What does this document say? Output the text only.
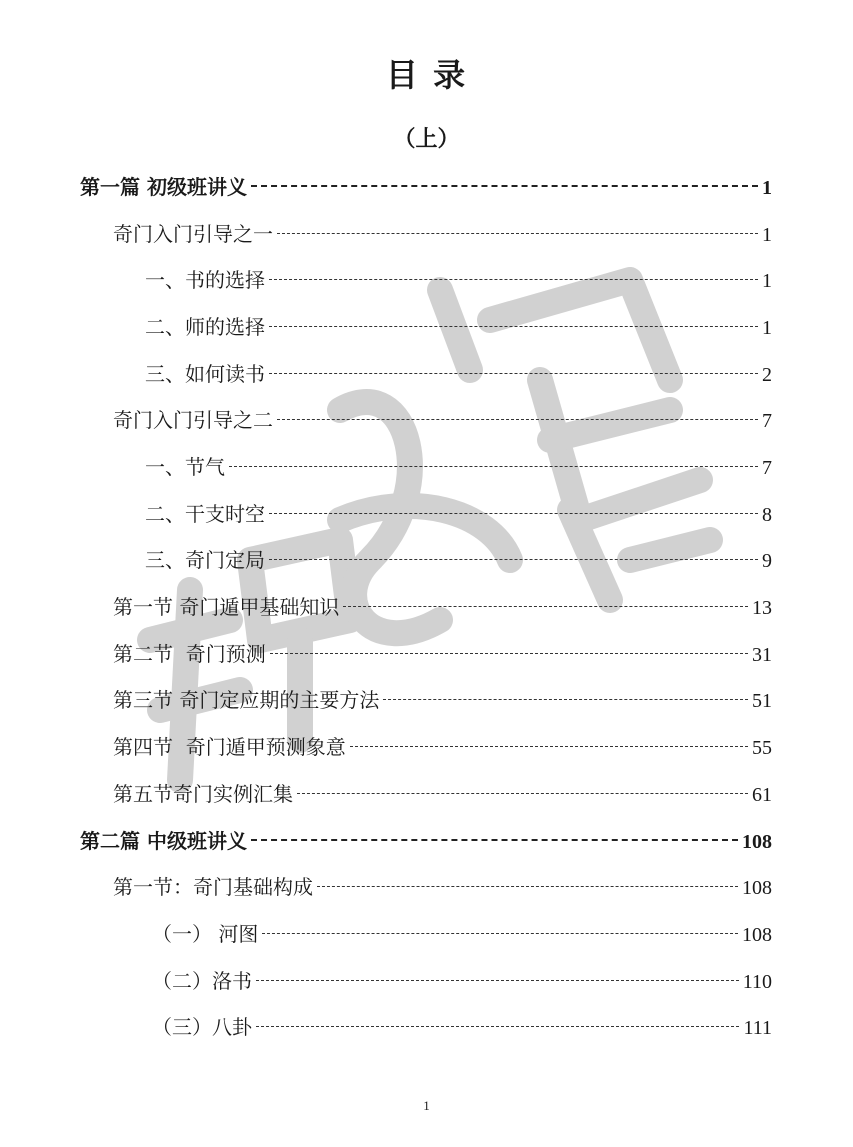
目 录
（上）
第一篇 初级班讲义	1
奇门入门引导之一	1
一、书的选择	1
二、师的选择	1
三、如何读书	2
奇门入门引导之二	7
一、节气	7
二、干支时空	8
三、奇门定局	9
第一节 奇门遁甲基础知识	13
第二节  奇门预测	31
第三节 奇门定应期的主要方法	51
第四节  奇门遁甲预测象意	55
第五节奇门实例汇集	61
第二篇 中级班讲义	108
第一节：奇门基础构成	108
（一） 河图	108
（二）洛书	110
（三）八卦	111
1
